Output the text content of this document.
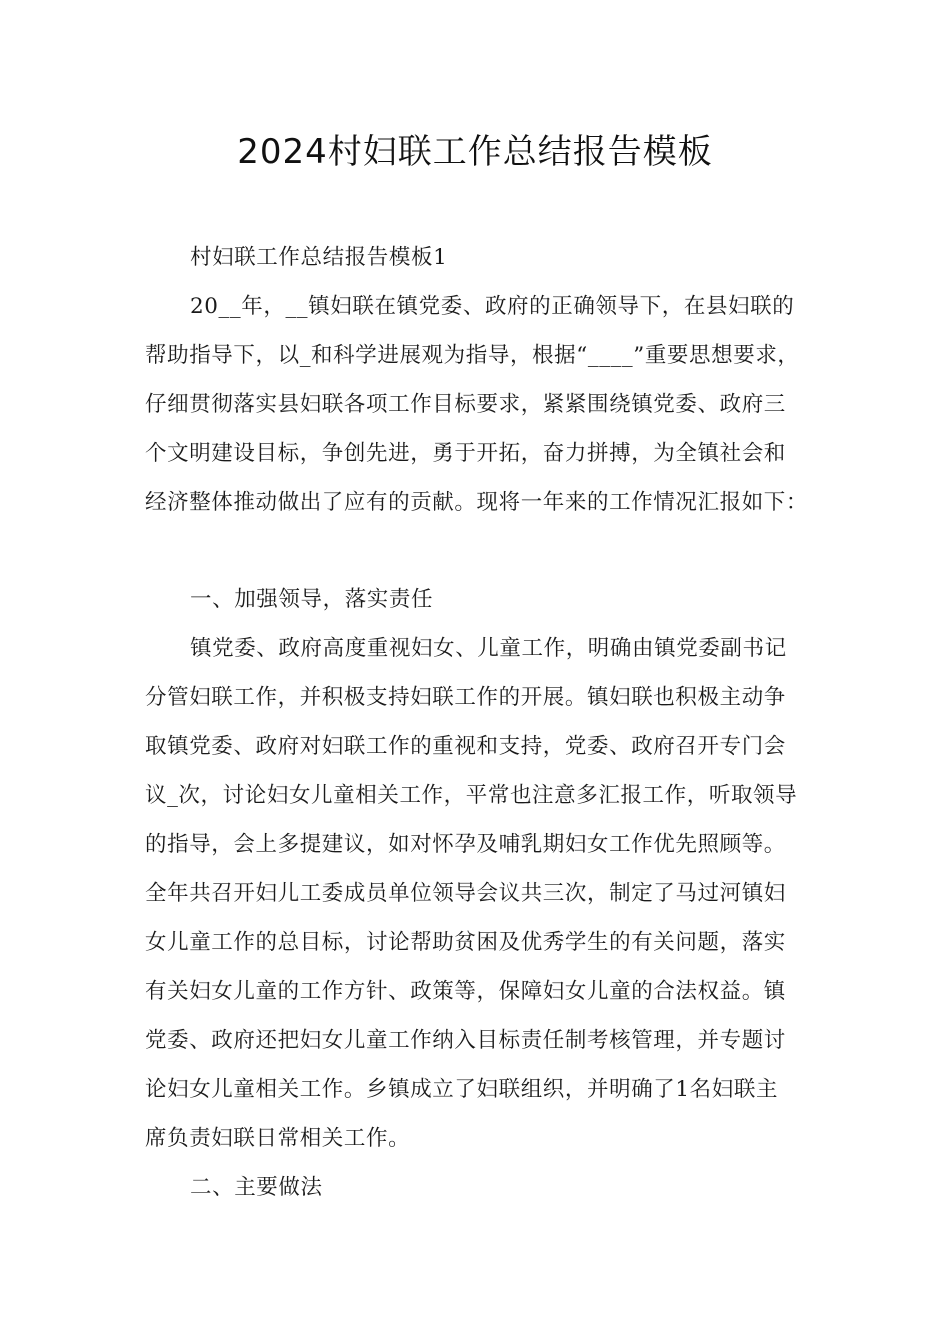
2024村妇联工作总结报告模板
村妇联工作总结报告模板1
20__年，__镇妇联在镇党委、政府的正确领导下，在县妇联的
帮助指导下，以_和科学进展观为指导，根据“____”重要思想要求，
仔细贯彻落实县妇联各项工作目标要求，紧紧围绕镇党委、政府三
个文明建设目标，争创先进，勇于开拓，奋力拼搏，为全镇社会和
经济整体推动做出了应有的贡献。现将一年来的工作情况汇报如下：
一、加强领导，落实责任
镇党委、政府高度重视妇女、儿童工作，明确由镇党委副书记
分管妇联工作，并积极支持妇联工作的开展。镇妇联也积极主动争
取镇党委、政府对妇联工作的重视和支持，党委、政府召开专门会
议_次，讨论妇女儿童相关工作，平常也注意多汇报工作，听取领导
的指导，会上多提建议，如对怀孕及哺乳期妇女工作优先照顾等。
全年共召开妇儿工委成员单位领导会议共三次，制定了马过河镇妇
女儿童工作的总目标，讨论帮助贫困及优秀学生的有关问题，落实
有关妇女儿童的工作方针、政策等，保障妇女儿童的合法权益。镇
党委、政府还把妇女儿童工作纳入目标责任制考核管理，并专题讨
论妇女儿童相关工作。乡镇成立了妇联组织，并明确了1名妇联主
席负责妇联日常相关工作。
二、主要做法
